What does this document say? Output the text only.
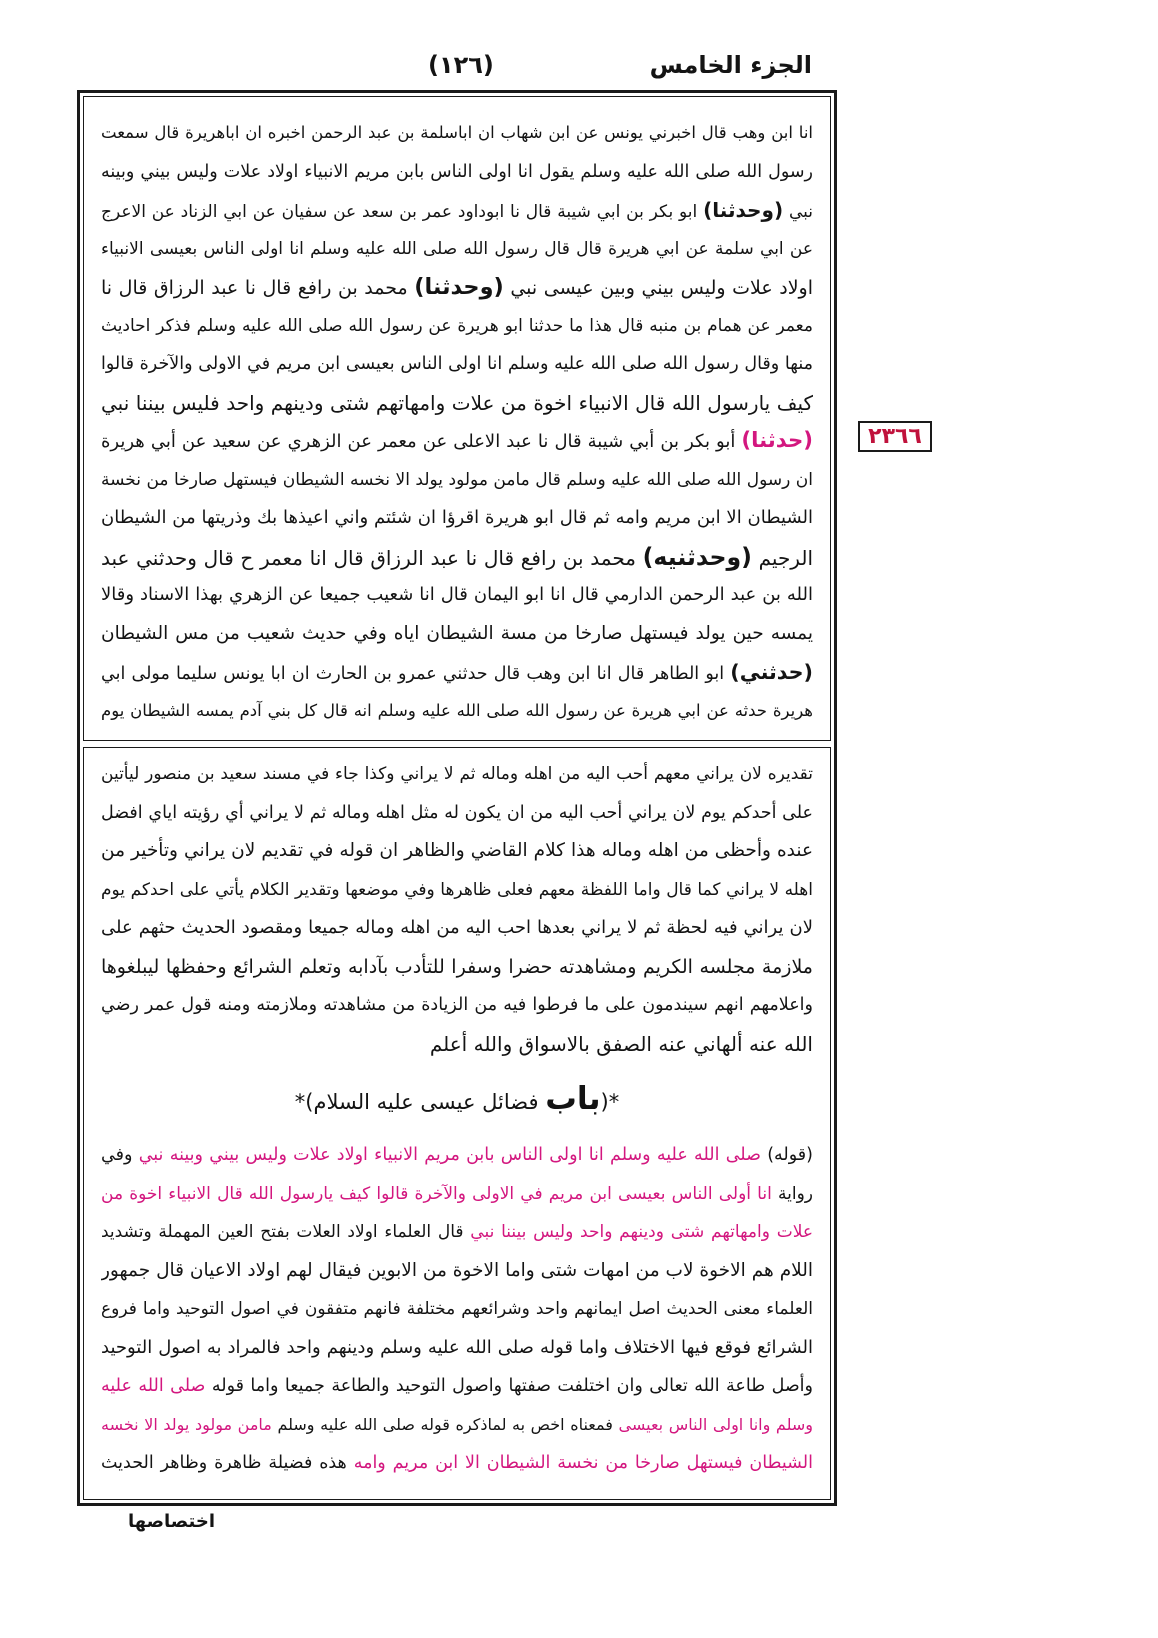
الجزء الخامس
(١٢٦)
انا ابن وهب قال اخبرني يونس عن ابن شهاب ان اباسلمة بن عبد الرحمن اخبره ان اباهريرة قال سمعت
رسول الله صلى الله عليه وسلم يقول انا اولى الناس بابن مريم الانبياء اولاد علات وليس بيني وبينه
نبي (وحدثنا) ابو بكر بن ابي شيبة قال نا ابوداود عمر بن سعد عن سفيان عن ابي الزناد عن الاعرج
عن ابي سلمة عن ابي هريرة قال قال رسول الله صلى الله عليه وسلم انا اولى الناس بعيسى الانبياء
اولاد علات وليس بيني وبين عيسى نبي (وحدثنا) محمد بن رافع قال نا عبد الرزاق قال نا
معمر عن همام بن منبه قال هذا ما حدثنا ابو هريرة عن رسول الله صلى الله عليه وسلم فذكر احاديث
منها وقال رسول الله صلى الله عليه وسلم انا اولى الناس بعيسى ابن مريم في الاولى والآخرة قالوا
كيف يارسول الله قال الانبياء اخوة من علات وامهاتهم شتى ودينهم واحد فليس بيننا نبي
(حدثنا) أبو بكر بن أبي شيبة قال نا عبد الاعلى عن معمر عن الزهري عن سعيد عن أبي هريرة
ان رسول الله صلى الله عليه وسلم قال مامن مولود يولد الا نخسه الشيطان فيستهل صارخا من نخسة
الشيطان الا ابن مريم وامه ثم قال ابو هريرة اقرؤا ان شئتم واني اعيذها بك وذريتها من الشيطان
الرجيم (وحدثنيه) محمد بن رافع قال نا عبد الرزاق قال انا معمر ح قال وحدثني عبد
الله بن عبد الرحمن الدارمي قال انا ابو اليمان قال انا شعيب جميعا عن الزهري بهذا الاسناد وقالا
يمسه حين يولد فيستهل صارخا من مسة الشيطان اياه وفي حديث شعيب من مس الشيطان
(حدثني) ابو الطاهر قال انا ابن وهب قال حدثني عمرو بن الحارث ان ابا يونس سليما مولى ابي
هريرة حدثه عن ابي هريرة عن رسول الله صلى الله عليه وسلم انه قال كل بني آدم يمسه الشيطان يوم
تقديره لان يراني معهم أحب اليه من اهله وماله ثم لا يراني وكذا جاء في مسند سعيد بن منصور ليأتين
على أحدكم يوم لان يراني أحب اليه من ان يكون له مثل اهله وماله ثم لا يراني أي رؤيته اياي افضل
عنده وأحظى من اهله وماله هذا كلام القاضي والظاهر ان قوله في تقديم لان يراني وتأخير من
اهله لا يراني كما قال واما اللفظة معهم فعلى ظاهرها وفي موضعها وتقدير الكلام يأتي على احدكم يوم
لان يراني فيه لحظة ثم لا يراني بعدها احب اليه من اهله وماله جميعا ومقصود الحديث حثهم على
ملازمة مجلسه الكريم ومشاهدته حضرا وسفرا للتأدب بآدابه وتعلم الشرائع وحفظها ليبلغوها
واعلامهم انهم سيندمون على ما فرطوا فيه من الزيادة من مشاهدته وملازمته ومنه قول عمر رضي
الله عنه ألهاني عنه الصفق بالاسواق والله أعلم
*(باب فضائل عيسى عليه السلام)*
(قوله) صلى الله عليه وسلم انا اولى الناس بابن مريم الانبياء اولاد علات وليس بيني وبينه نبي وفي
رواية انا أولى الناس بعيسى ابن مريم في الاولى والآخرة قالوا كيف يارسول الله قال الانبياء اخوة من
علات وامهاتهم شتى ودينهم واحد وليس بيننا نبي قال العلماء اولاد العلات بفتح العين المهملة وتشديد
اللام هم الاخوة لاب من امهات شتى واما الاخوة من الابوين فيقال لهم اولاد الاعيان قال جمهور
العلماء معنى الحديث اصل ايمانهم واحد وشرائعهم مختلفة فانهم متفقون في اصول التوحيد واما فروع
الشرائع فوقع فيها الاختلاف واما قوله صلى الله عليه وسلم ودينهم واحد فالمراد به اصول التوحيد
وأصل طاعة الله تعالى وان اختلفت صفتها واصول التوحيد والطاعة جميعا واما قوله صلى الله عليه
وسلم وانا اولى الناس بعيسى فمعناه اخص به لماذكره قوله صلى الله عليه وسلم مامن مولود يولد الا نخسه
الشيطان فيستهل صارخا من نخسة الشيطان الا ابن مريم وامه هذه فضيلة ظاهرة وظاهر الحديث
٢٣٦٦
اختصاصها
